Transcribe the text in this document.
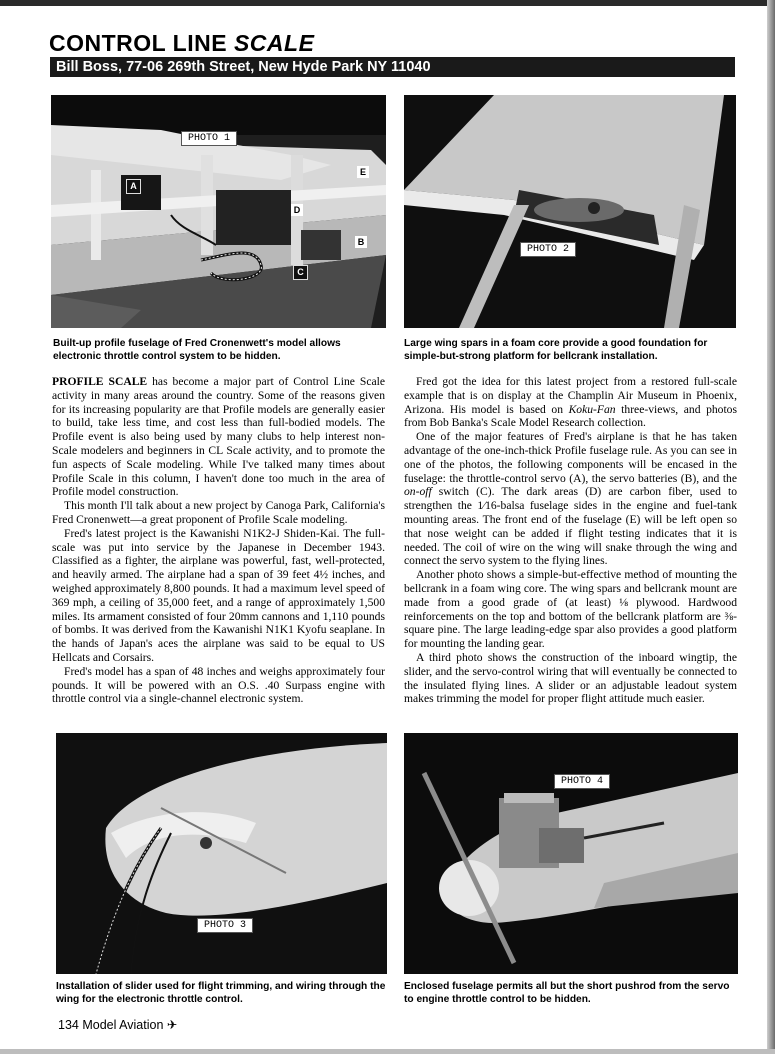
CONTROL LINE SCALE
Bill Boss, 77-06 269th Street, New Hyde Park NY 11040
PHOTO 1
A
B
C
D
E
PHOTO 2

Built-up profile fuselage of Fred Cronenwett's model allows electronic throttle control system to be hidden.

Large wing spars in a foam core provide a good foundation for simple-but-strong platform for bellcrank installation.

PROFILE SCALE has become a major part of Control Line Scale activity in many areas around the country. Some of the reasons given for its increasing popularity are that Profile models are generally easier to build, take less time, and cost less than full-bodied models. The Profile event is also being used by many clubs to help interest non-Scale modelers and beginners in CL Scale activity, and to promote the fun aspects of Scale modeling. While I've talked many times about Profile Scale in this column, I haven't done too much in the area of Profile model construction.

This month I'll talk about a new project by Canoga Park, California's Fred Cronenwett—a great proponent of Profile Scale modeling.

Fred's latest project is the Kawanishi N1K2-J Shiden-Kai. The full-scale was put into service by the Japanese in December 1943. Classified as a fighter, the airplane was powerful, fast, well-protected, and heavily armed. The airplane had a span of 39 feet 4½ inches, and weighed approximately 8,800 pounds. It had a maximum level speed of 369 mph, a ceiling of 35,000 feet, and a range of approximately 1,500 miles. Its armament consisted of four 20mm cannons and 1,110 pounds of bombs. It was derived from the Kawanishi N1K1 Kyofu seaplane. In the hands of Japan's aces the airplane was said to be equal to US Hellcats and Corsairs.

Fred's model has a span of 48 inches and weighs approximately four pounds. It will be powered with an O.S. .40 Surpass engine with throttle control via a single-channel electronic system.

Fred got the idea for this latest project from a restored full-scale example that is on display at the Champlin Air Museum in Phoenix, Arizona. His model is based on Koku-Fan three-views, and photos from Bob Banka's Scale Model Research collection.

One of the major features of Fred's airplane is that he has taken advantage of the one-inch-thick Profile fuselage rule. As you can see in one of the photos, the following components will be encased in the fuselage: the throttle-control servo (A), the servo batteries (B), and the on-off switch (C). The dark areas (D) are carbon fiber, used to strengthen the 1⁄16-balsa fuselage sides in the engine and fuel-tank mounting areas. The front end of the fuselage (E) will be left open so that nose weight can be added if flight testing indicates that it is needed. The coil of wire on the wing will snake through the wing and connect the servo system to the flying lines.

Another photo shows a simple-but-effective method of mounting the bellcrank in a foam wing core. The wing spars and bellcrank mount are made from a good grade of (at least) ⅛ plywood. Hardwood reinforcements on the top and bottom of the bellcrank platform are ⅜-square pine. The large leading-edge spar also provides a good platform for mounting the landing gear.

A third photo shows the construction of the inboard wingtip, the slider, and the servo-control wiring that will eventually be connected to the insulated flying lines. A slider or an adjustable leadout system makes trimming the model for proper flight attitude much easier.

PHOTO 3
PHOTO 4

Installation of slider used for flight trimming, and wiring through the wing for the electronic throttle control.

Enclosed fuselage permits all but the short pushrod from the servo to engine throttle control to be hidden.

134 Model Aviation ✈
